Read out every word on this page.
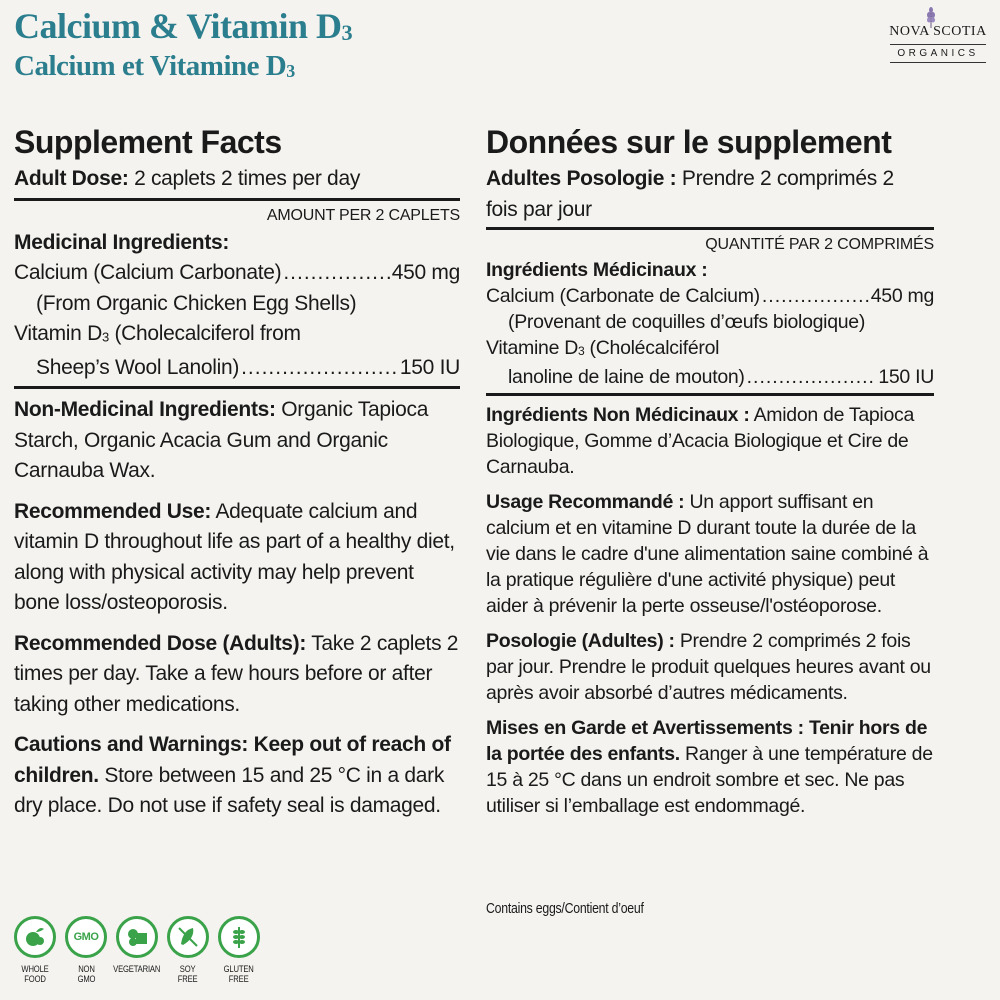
Calcium & Vitamin D3
Calcium et Vitamine D3
NOVA SCOTIA
ORGANICS
Supplement Facts
Adult Dose: 2 caplets 2 times per day
AMOUNT PER 2 CAPLETS
Medicinal Ingredients:
Calcium (Calcium Carbonate) .....	450 mg
(From Organic Chicken Egg Shells)
Vitamin D3 (Cholecalciferol from
Sheep’s Wool Lanolin) .....	150 IU
Non-Medicinal Ingredients: Organic Tapioca Starch, Organic Acacia Gum and Organic Carnauba Wax.
Recommended Use: Adequate calcium and vitamin D throughout life as part of a healthy diet, along with physical activity may help prevent bone loss/osteoporosis.
Recommended Dose (Adults): Take 2 caplets 2 times per day. Take a few hours before or after taking other medications.
Cautions and Warnings: Keep out of reach of children. Store between 15 and 25 °C in a dark dry place. Do not use if safety seal is damaged.
Données sur le supplement
Adultes Posologie : Prendre 2 comprimés 2 fois par jour
QUANTITÉ PAR 2 COMPRIMÉS
Ingrédients Médicinaux :
Calcium (Carbonate de Calcium) .....	450 mg
(Provenant de coquilles d’œufs biologique)
Vitamine D3 (Cholécalciférol
lanoline de laine de mouton) .....	150 IU
Ingrédients Non Médicinaux : Amidon de Tapioca Biologique, Gomme d’Acacia Biologique et Cire de Carnauba.
Usage Recommandé : Un apport suffisant en calcium et en vitamine D durant toute la durée de la vie dans le cadre d'une alimentation saine combiné à la pratique régulière d'une activité physique) peut aider à prévenir la perte osseuse/l'ostéoporose.
Posologie (Adultes) : Prendre 2 comprimés 2 fois par jour. Prendre le produit quelques heures avant ou après avoir absorbé d’autres médicaments.
Mises en Garde et Avertissements : Tenir hors de la portée des enfants. Ranger à une température de 15 à 25 °C dans un endroit sombre et sec. Ne pas utiliser si l’emballage est endommagé.
Contains eggs/Contient d’oeuf
WHOLE
FOOD
GMO
NON
GMO
VEGETARIAN SOY
FREE
GLUTEN
FREE
